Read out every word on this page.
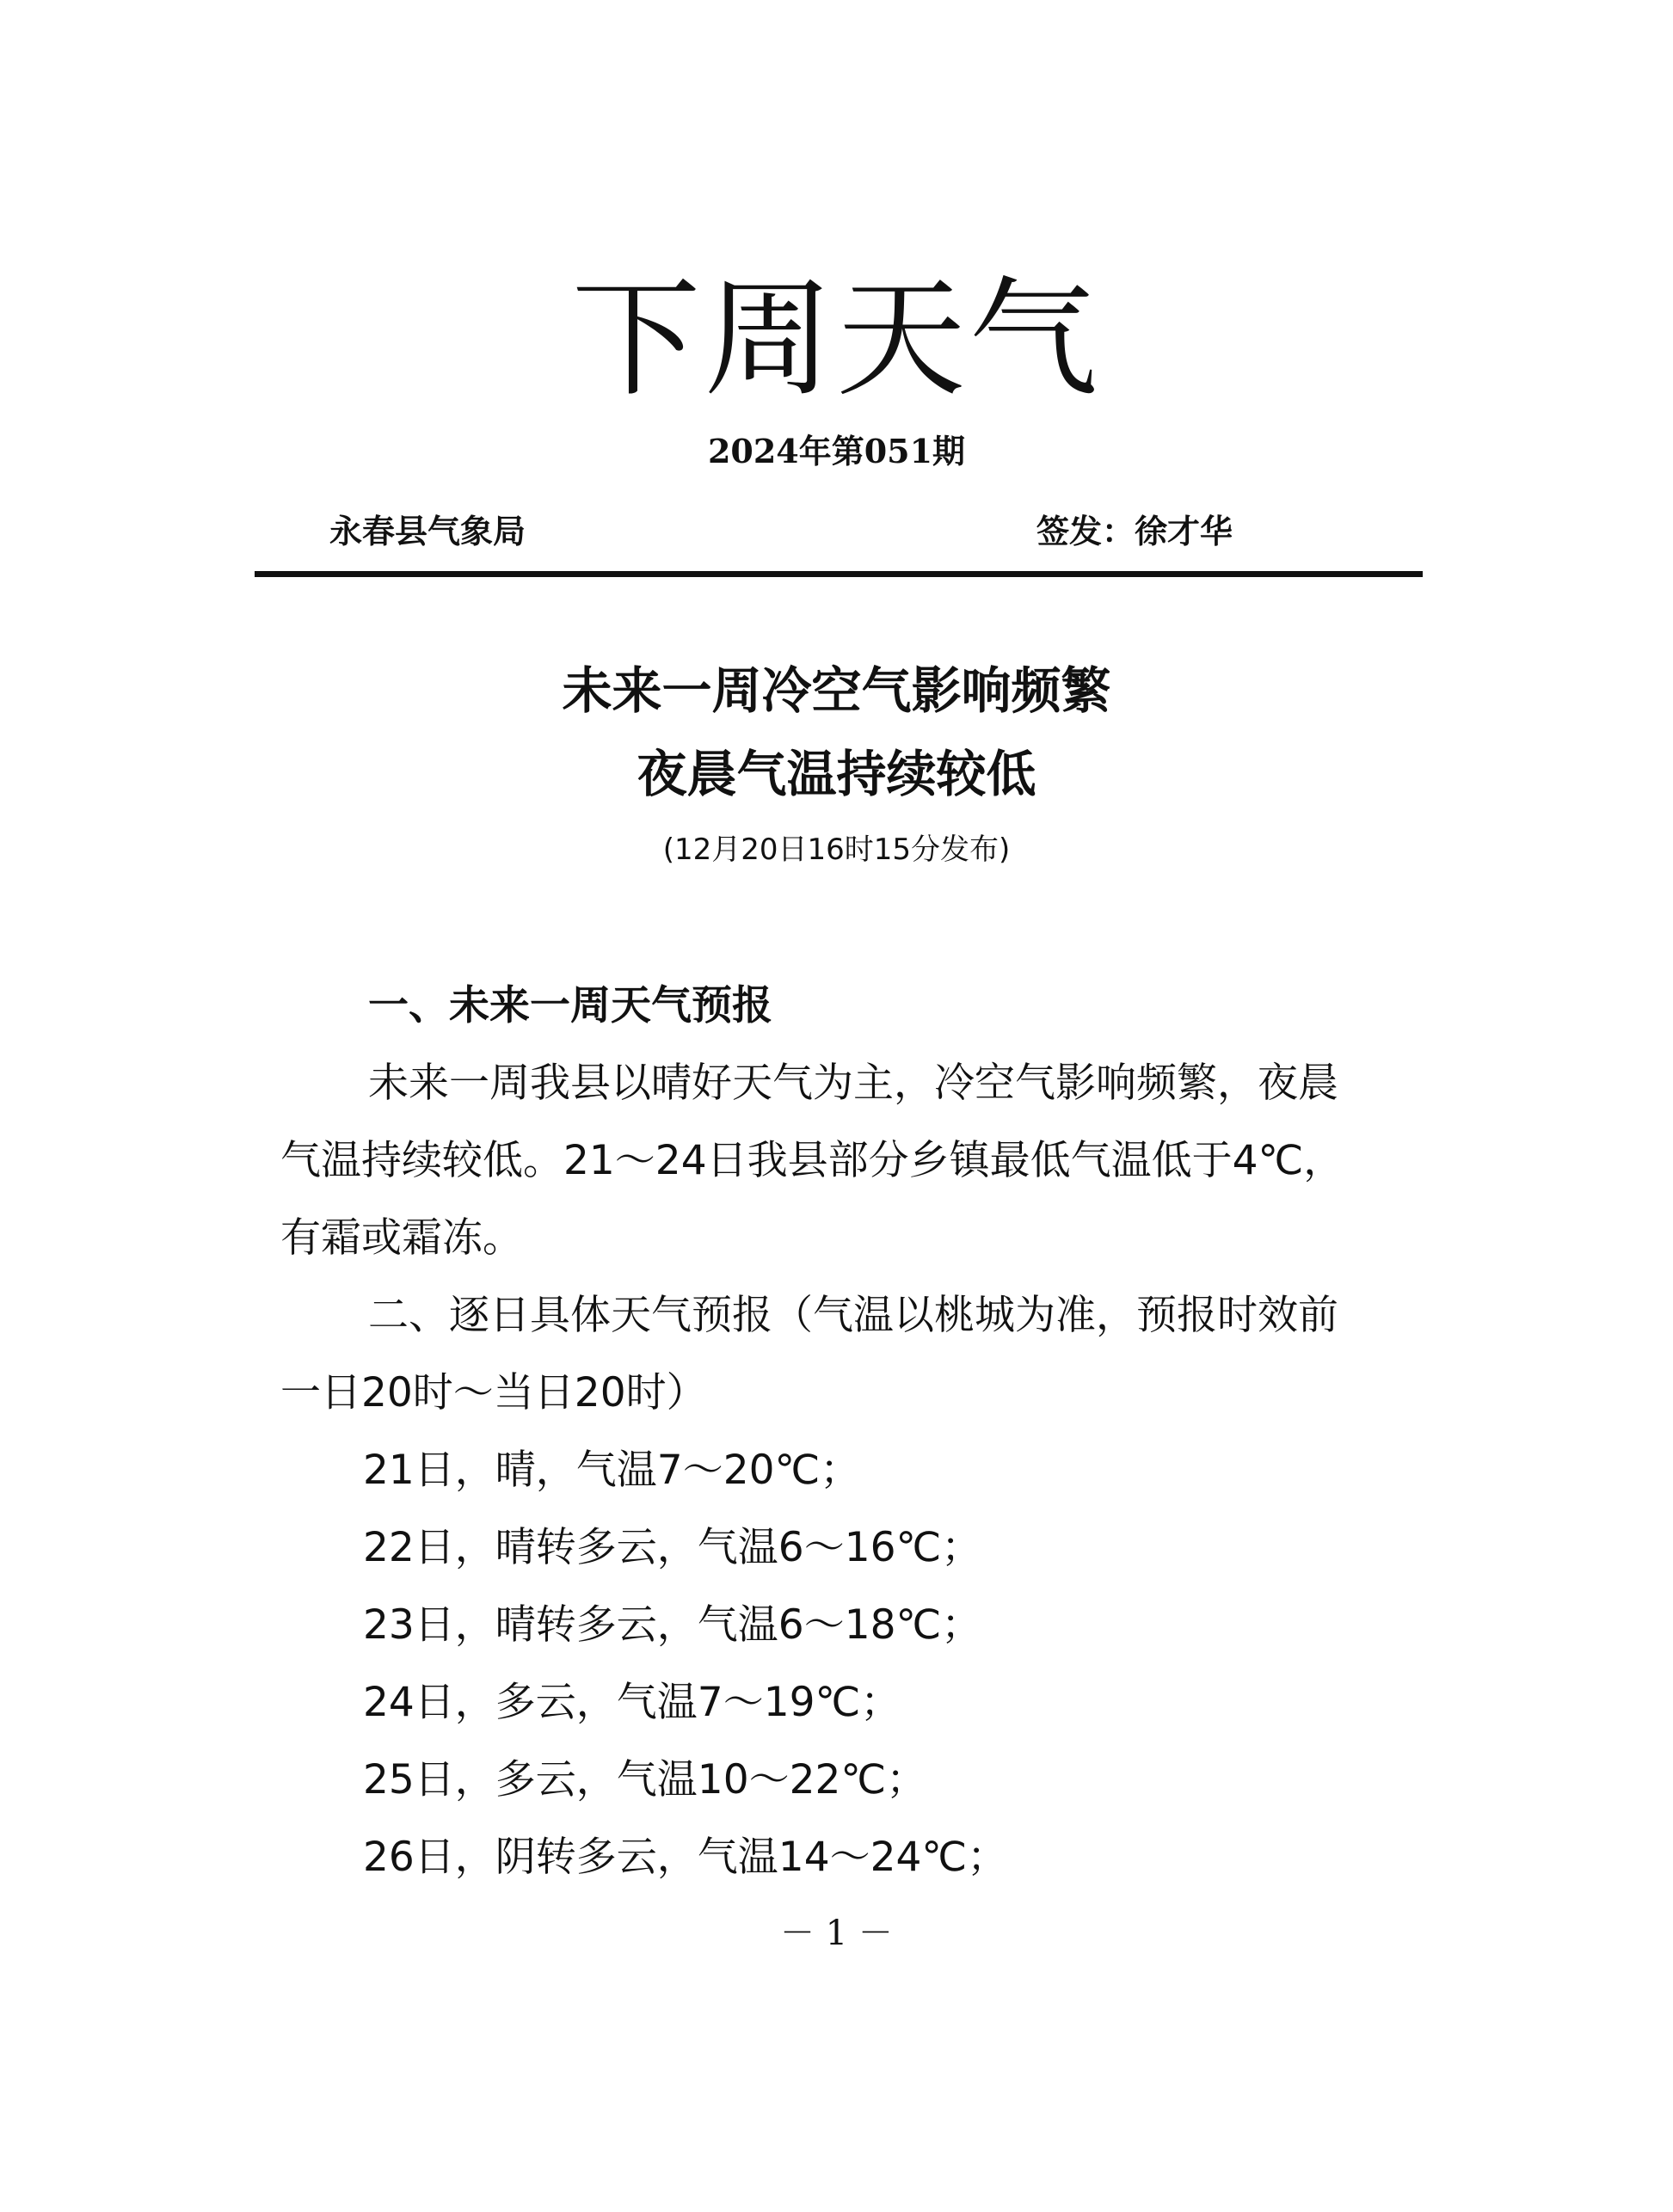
下周天气
2024年第051期
永春县气象局	签发：徐才华
未来一周冷空气影响频繁
夜晨气温持续较低
(12月20日16时15分发布)
一、未来一周天气预报
未来一周我县以晴好天气为主，冷空气影响频繁，夜晨
气温持续较低。21～24日我县部分乡镇最低气温低于4℃，
有霜或霜冻。
二、逐日具体天气预报（气温以桃城为准，预报时效前
一日20时～当日20时）
21日，晴，气温7～20℃；
22日，晴转多云，气温6～16℃；
23日，晴转多云，气温6～18℃；
24日，多云，气温7～19℃；
25日，多云，气温10～22℃；
26日，阴转多云，气温14～24℃；
－ 1 －
